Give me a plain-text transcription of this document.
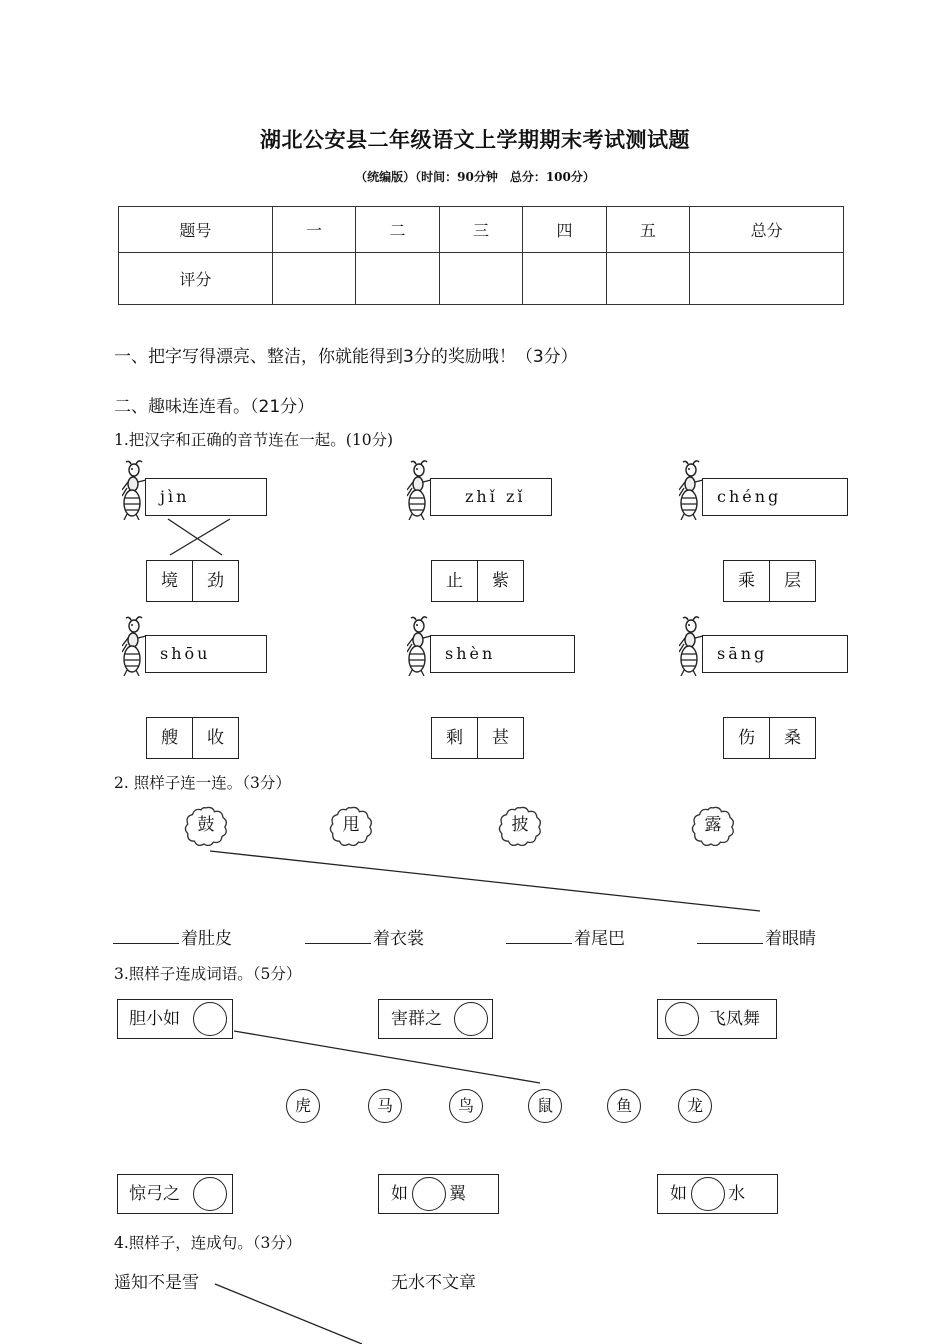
湖北公安县二年级语文上学期期末考试测试题
（统编版）（时间：90分钟　总分：100分）
题号	一	二	三	四	五	总分
评分						
一、把字写得漂亮、整洁，你就能得到3分的奖励哦！（3分）
二、趣味连连看。（21分）
1.把汉字和正确的音节连在一起。(10分)
jìn
境	劲
zhǐ zǐ
止	紫
chéng
乘	层
shōu
艘	收
shèn
剩	甚
sāng
伤	桑
2. 照样子连一连。（3分）
鼓	甩	披	露
着肚皮	着衣裳	着尾巴	着眼睛
3.照样子连成词语。（5分）
胆小如	害群之	飞凤舞
虎	马	鸟	鼠	鱼	龙
惊弓之	如 翼	如 水
4.照样子，连成句。（3分）
遥知不是雪	无水不文章
